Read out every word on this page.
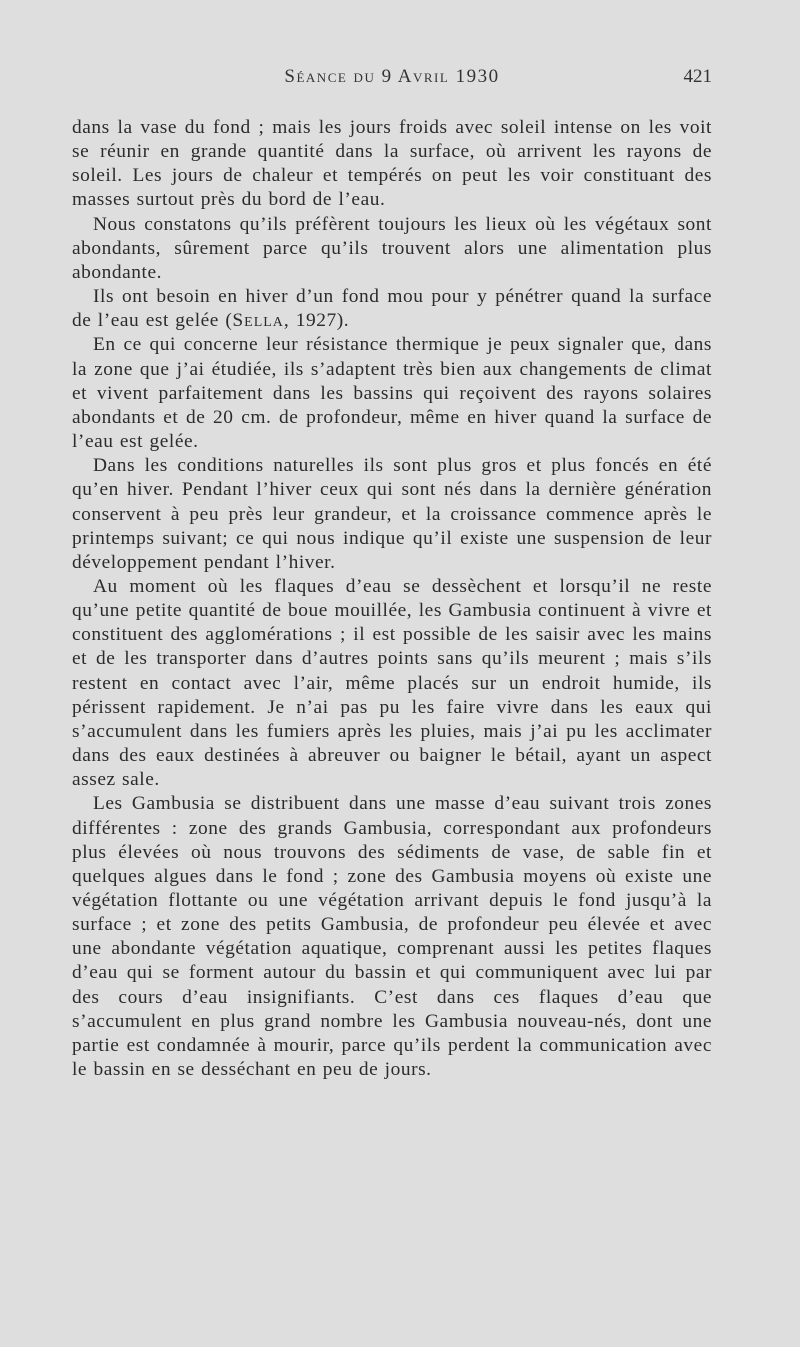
Séance du 9 Avril 1930	421

dans la vase du fond ; mais les jours froids avec soleil intense on les voit se réunir en grande quantité dans la surface, où arrivent les rayons de soleil. Les jours de chaleur et tempérés on peut les voir constituant des masses surtout près du bord de l’eau.

Nous constatons qu’ils préfèrent toujours les lieux où les végétaux sont abondants, sûrement parce qu’ils trouvent alors une alimentation plus abondante.

Ils ont besoin en hiver d’un fond mou pour y pénétrer quand la surface de l’eau est gelée (Sella, 1927).

En ce qui concerne leur résistance thermique je peux signaler que, dans la zone que j’ai étudiée, ils s’adaptent très bien aux changements de climat et vivent parfaitement dans les bassins qui reçoivent des rayons solaires abondants et de 20 cm. de profondeur, même en hiver quand la surface de l’eau est gelée.

Dans les conditions naturelles ils sont plus gros et plus foncés en été qu’en hiver. Pendant l’hiver ceux qui sont nés dans la dernière génération conservent à peu près leur grandeur, et la croissance commence après le printemps suivant; ce qui nous indique qu’il existe une suspension de leur développement pendant l’hiver.

Au moment où les flaques d’eau se dessèchent et lorsqu’il ne reste qu’une petite quantité de boue mouillée, les Gambusia continuent à vivre et constituent des agglomérations ; il est possible de les saisir avec les mains et de les transporter dans d’autres points sans qu’ils meurent ; mais s’ils restent en contact avec l’air, même placés sur un endroit humide, ils périssent rapidement. Je n’ai pas pu les faire vivre dans les eaux qui s’accumulent dans les fumiers après les pluies, mais j’ai pu les acclimater dans des eaux destinées à abreuver ou baigner le bétail, ayant un aspect assez sale.

Les Gambusia se distribuent dans une masse d’eau suivant trois zones différentes : zone des grands Gambusia, correspondant aux profondeurs plus élevées où nous trouvons des sédiments de vase, de sable fin et quelques algues dans le fond ; zone des Gambusia moyens où existe une végétation flottante ou une végétation arrivant depuis le fond jusqu’à la surface ; et zone des petits Gambusia, de profondeur peu élevée et avec une abondante végétation aquatique, comprenant aussi les petites flaques d’eau qui se forment autour du bassin et qui communiquent avec lui par des cours d’eau insignifiants. C’est dans ces flaques d’eau que s’accumulent en plus grand nombre les Gambusia nouveau-nés, dont une partie est condamnée à mourir, parce qu’ils perdent la communication avec le bassin en se desséchant en peu de jours.
